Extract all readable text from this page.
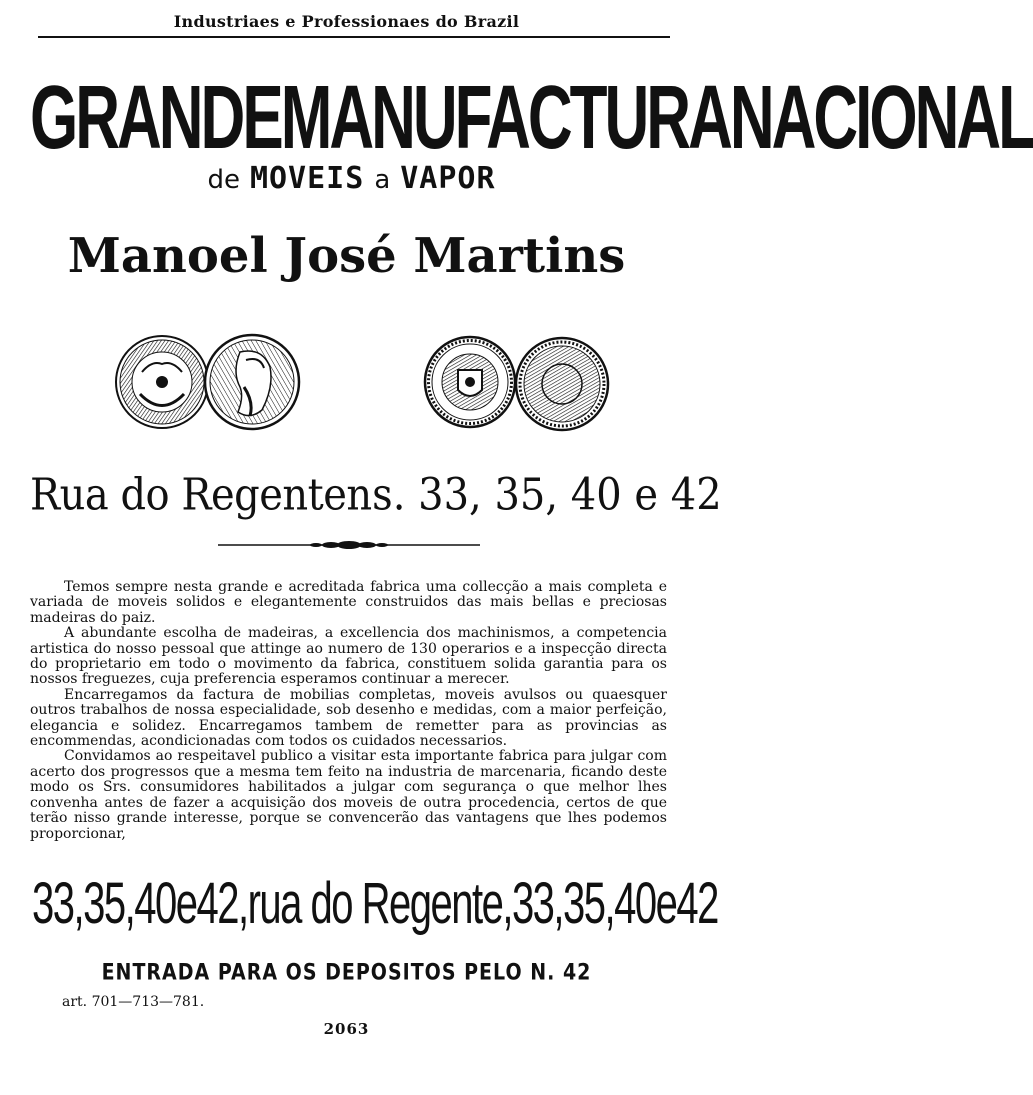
Industriaes e Professionaes do Brazil
GRANDE MANUFACTURA NACIONAL
de MOVEIS a VAPOR
Manoel José Martins
Rua do Regente ns. 33, 35, 40 e 42

Temos sempre nesta grande e acreditada fabrica uma collecção a mais completa e variada de moveis solidos e elegantemente construidos das mais bellas e preciosas madeiras do paiz.

A abundante escolha de madeiras, a excellencia dos machinismos, a competencia artistica do nosso pessoal que attinge ao numero de 130 operarios e a inspecção directa do proprietario em todo o movimento da fabrica, constituem solida garantia para os nossos freguezes, cuja preferencia esperamos continuar a merecer.

Encarregamos da factura de mobilias completas, moveis avulsos ou quaesquer outros trabalhos de nossa especialidade, sob desenho e medidas, com a maior perfeição, elegancia e solidez. Encarregamos tambem de remetter para as provincias as encommendas, acondicionadas com todos os cuidados necessarios.

Convidamos ao respeitavel publico a visitar esta importante fabrica para julgar com acerto dos progressos que a mesma tem feito na industria de marcenaria, ficando deste modo os Srs. consumidores habilitados a julgar com segurança o que melhor lhes convenha antes de fazer a acquisição dos moveis de outra procedencia, certos de que terão nisso grande interesse, porque se convencerão das vantagens que lhes podemos proporcionar,

33,35,40e42, rua do Regente, 33,35,40e42
ENTRADA PARA OS DEPOSITOS PELO N. 42
art. 701—713—781.
2063
